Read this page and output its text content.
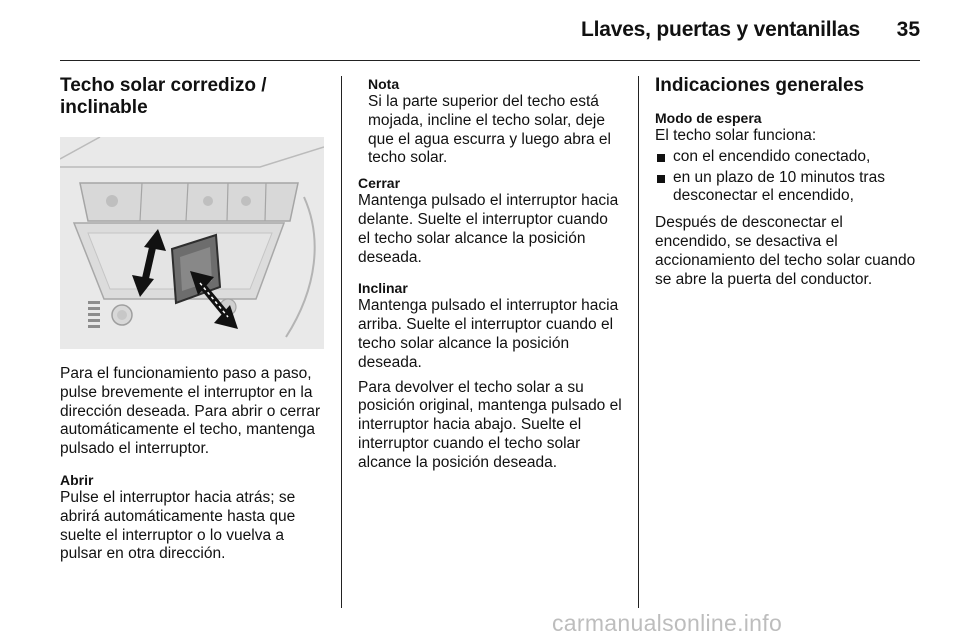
Llaves, puertas y ventanillas	35
Techo solar corredizo / inclinable

Para el funcionamiento paso a paso, pulse brevemente el interruptor en la dirección deseada. Para abrir o cerrar automáticamente el techo, mantenga pulsado el interruptor.

Abrir

Pulse el interruptor hacia atrás; se abrirá automáticamente hasta que suelte el interruptor o lo vuelva a pulsar en otra dirección.

Nota

Si la parte superior del techo está mojada, incline el techo solar, deje que el agua escurra y luego abra el techo solar.

Cerrar

Mantenga pulsado el interruptor hacia delante. Suelte el interruptor cuando el techo solar alcance la posición deseada.

Inclinar

Mantenga pulsado el interruptor hacia arriba. Suelte el interruptor cuando el techo solar alcance la posición deseada.

Para devolver el techo solar a su posición original, mantenga pulsado el interruptor hacia abajo. Suelte el interruptor cuando el techo solar alcance la posición deseada.

Indicaciones generales
Modo de espera

El techo solar funciona:

con el encendido conectado,
en un plazo de 10 minutos tras desconectar el encendido,

Después de desconectar el encendido, se desactiva el accionamiento del techo solar cuando se abre la puerta del conductor.

carmanualsonline.info
